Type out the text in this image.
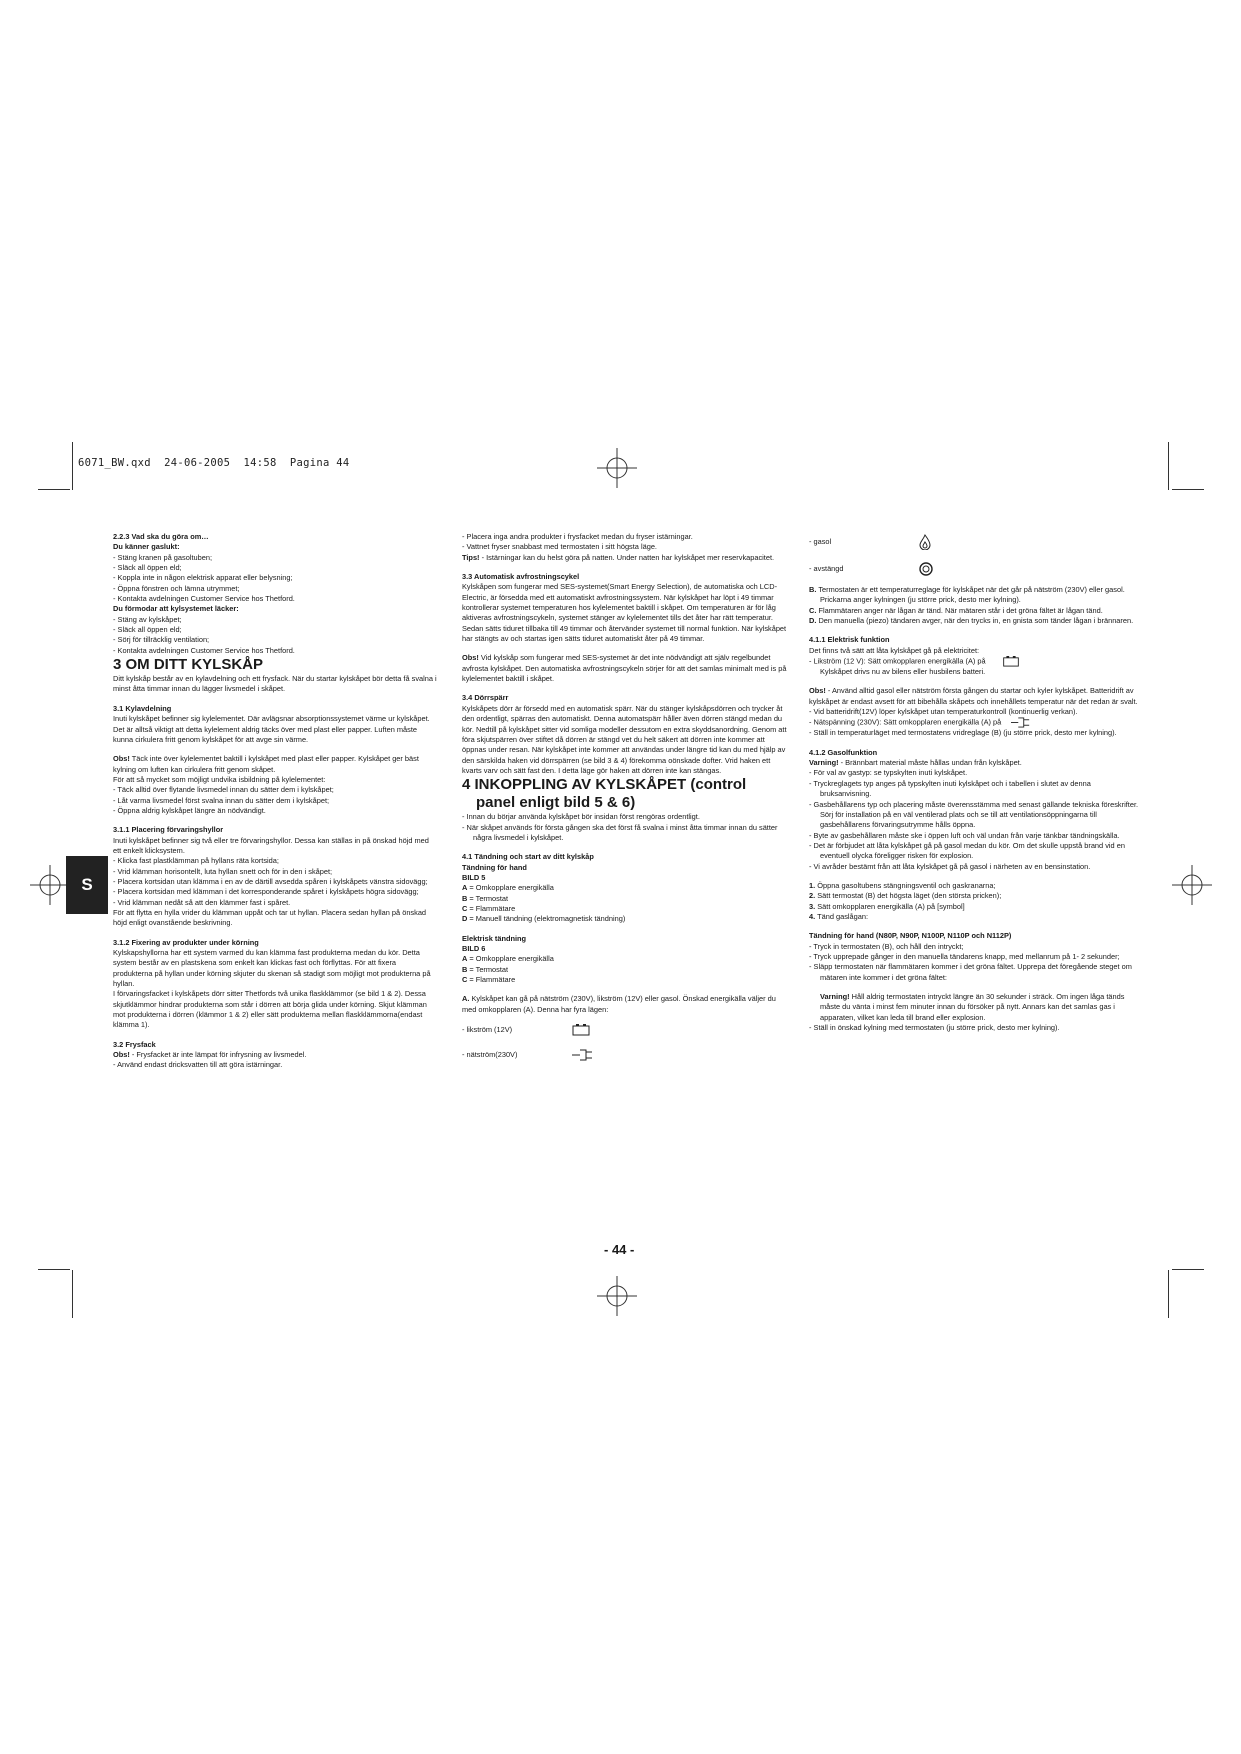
6071_BW.qxd  24-06-2005  14:58  Pagina 44
S

2.2.3 Vad ska du göra om…

Du känner gaslukt:

- Stäng kranen på gasoltuben;

- Släck all öppen eld;

- Koppla inte in någon elektrisk apparat eller belysning;

- Öppna fönstren och lämna utrymmet;

- Kontakta avdelningen Customer Service hos Thetford.

Du förmodar att kylsystemet läcker:

- Stäng av kylskåpet;

- Släck all öppen eld;

- Sörj för tillräcklig ventilation;

- Kontakta avdelningen Customer Service hos Thetford.

3 OM DITT KYLSKÅP

Ditt kylskåp består av en kylavdelning och ett frysfack. När du startar kylskåpet bör detta få svalna i minst åtta timmar innan du lägger livsmedel i skåpet.

3.1 Kylavdelning

Inuti kylskåpet befinner sig kylelementet. Där avlägsnar absorptionssystemet värme ur kylskåpet. Det är alltså viktigt att detta kylelement aldrig täcks över med plast eller papper. Luften måste kunna cirkulera fritt genom kylskåpet för att avge sin värme.

Obs! Täck inte över kylelementet baktill i kylskåpet med plast eller papper. Kylskåpet ger bäst kylning om luften kan cirkulera fritt genom skåpet.

För att så mycket som möjligt undvika isbildning på kylelementet:

- Täck alltid över flytande livsmedel innan du sätter dem i kylskåpet;

- Låt varma livsmedel först svalna innan du sätter dem i kylskåpet;

- Öppna aldrig kylskåpet längre än nödvändigt.

3.1.1 Placering förvaringshyllor

Inuti kylskåpet befinner sig två eller tre förvaringshyllor. Dessa kan ställas in på önskad höjd med ett enkelt klicksystem.

- Klicka fast plastklämman på hyllans räta kortsida;

- Vrid klämman horisontellt, luta hyllan snett och för in den i skåpet;

- Placera kortsidan utan klämma i en av de därtill avsedda spåren i kylskåpets vänstra sidovägg;

- Placera kortsidan med klämman i det korresponderande spåret i kylskåpets högra sidovägg;

- Vrid klämman nedåt så att den klämmer fast i spåret.

För att flytta en hylla vrider du klämman uppåt och tar ut hyllan. Placera sedan hyllan på önskad höjd enligt ovanstående beskrivning.

3.1.2 Fixering av produkter under körning

Kylskapshyllorna har ett system varmed du kan klämma fast produkterna medan du kör. Detta system består av en plastskena som enkelt kan klickas fast och förflyttas. För att fixera produkterna på hyllan under körning skjuter du skenan så stadigt som möjligt mot produkterna på hyllan.

I förvaringsfacket i kylskåpets dörr sitter Thetfords två unika flaskklämmor (se bild 1 & 2). Dessa skjutklämmor hindrar produkterna som står i dörren att börja glida under körning. Skjut klämman mot produkterna i dörren (klämmor 1 & 2) eller sätt produkterna mellan flaskklämmorna(endast klämma 1).

3.2 Frysfack

Obs! - Frysfacket är inte lämpat för infrysning av livsmedel.

- Använd endast dricksvatten till att göra istärningar.

- Placera inga andra produkter i frysfacket medan du fryser istärningar.

- Vattnet fryser snabbast med termostaten i sitt högsta läge.

Tips! - Istärningar kan du helst göra på natten. Under natten har kylskåpet mer reservkapacitet.

3.3 Automatisk avfrostningscykel

Kylskåpen som fungerar med SES-systemet(Smart Energy Selection), de automatiska och LCD-Electric, är försedda med ett automatiskt avfrostningssystem. När kylskåpet har löpt i 49 timmar kontrollerar systemet temperaturen hos kylelementet baktill i skåpet. Om temperaturen är för låg aktiveras avfrostningscykeln, systemet stänger av kylelementet tills det åter har rätt temperatur. Sedan sätts tiduret tillbaka till 49 timmar och återvänder systemet till normal funktion. När kylskåpet har stängts av och startas igen sätts tiduret automatiskt åter på 49 timmar.

Obs! Vid kylskåp som fungerar med SES-systemet är det inte nödvändigt att själv regelbundet avfrosta kylskåpet. Den automatiska avfrostningscykeln sörjer för att det samlas minimalt med is på kylelementet baktill i skåpet.

3.4 Dörrspärr

Kylskåpets dörr är försedd med en automatisk spärr. När du stänger kylskåpsdörren och trycker åt den ordentligt, spärras den automatiskt. Denna automatspärr håller även dörren stängd medan du kör. Nedtill på kylskåpet sitter vid somliga modeller dessutom en extra skyddsanordning. Genom att föra skjutspärren över stiftet då dörren är stängd vet du helt säkert att dörren inte kommer att öppnas under resan. När kylskåpet inte kommer att användas under längre tid kan du med hjälp av den särskilda haken vid dörrspärren (se bild 3 & 4) förekomma oönskade dofter. Vrid haken ett kvarts varv och sätt fast den. I detta läge gör haken att dörren inte kan stängas.

4 INKOPPLING AV KYLSKÅPET (control panel enligt bild 5 & 6)

- Innan du börjar använda kylskåpet bör insidan först rengöras ordentligt.

- När skåpet används för första gången ska det först få svalna i minst åtta timmar innan du sätter några livsmedel i kylskåpet.

4.1 Tändning och start av ditt kylskåp

Tändning för hand

BILD 5

A = Omkopplare energikälla

B = Termostat

C = Flammätare

D = Manuell tändning (elektromagnetisk tändning)

Elektrisk tändning

BILD 6

A = Omkopplare energikälla

B = Termostat

C = Flammätare

A. Kylskåpet kan gå på nätström (230V), likström (12V) eller gasol. Önskad energikälla väljer du med omkopplaren (A). Denna har fyra lägen:

- likström (12V)
- nätström(230V)
- gasol
- avstängd

B. Termostaten är ett temperaturreglage för kylskåpet när det går på nätström (230V) eller gasol. Prickarna anger kylningen (ju större prick, desto mer kylning).

C. Flammätaren anger när lågan är tänd. När mätaren står i det gröna fältet är lågan tänd.

D. Den manuella (piezo) tändaren avger, när den trycks in, en gnista som tänder lågan i brännaren.

4.1.1 Elektrisk funktion

Det finns två sätt att låta kylskåpet gå på elektricitet:

- Likström (12 V): Sätt omkopplaren energikälla (A) på

Kylskåpet drivs nu av bilens eller husbilens batteri.

Obs! - Använd alltid gasol eller nätström första gången du startar och kyler kylskåpet. Batteridrift av kylskåpet är endast avsett för att bibehålla skåpets och innehållets temperatur när det redan är svalt.

- Vid batteridrift(12V) löper kylskåpet utan temperaturkontroll (kontinuerlig verkan).

- Nätspänning (230V): Sätt omkopplaren energikälla (A) på

- Ställ in temperaturläget med termostatens vridreglage (B) (ju större prick, desto mer kylning).

4.1.2 Gasolfunktion

Varning! - Brännbart material måste hållas undan från kylskåpet.

- För val av gastyp: se typskylten inuti kylskåpet.

- Tryckreglagets typ anges på typskylten inuti kylskåpet och i tabellen i slutet av denna bruksanvisning.

- Gasbehållarens typ och placering måste överensstämma med senast gällande tekniska föreskrifter. Sörj för installation på en väl ventilerad plats och se till att ventilationsöppningarna till gasbehållarens förvaringsutrymme hålls öppna.

- Byte av gasbehållaren måste ske i öppen luft och väl undan från varje tänkbar tändningskälla.

- Det är förbjudet att låta kylskåpet gå på gasol medan du kör. Om det skulle uppstå brand vid en eventuell olycka föreligger risken för explosion.

- Vi avråder bestämt från att låta kylskåpet gå på gasol i närheten av en bensinstation.

1. Öppna gasoltubens stängningsventil och gaskranarna;

2. Sätt termostat (B) det högsta läget (den största pricken);

3. Sätt omkopplaren energikälla (A) på [symbol]

4. Tänd gaslågan:

Tändning för hand (N80P, N90P, N100P, N110P och N112P)

- Tryck in termostaten (B), och håll den intryckt;

- Tryck upprepade gånger in den manuella tändarens knapp, med mellanrum på 1- 2 sekunder;

- Släpp termostaten när flammätaren kommer i det gröna fältet. Upprepa det föregående steget om mätaren inte kommer i det gröna fältet:

Varning! Håll aldrig termostaten intryckt längre än 30 sekunder i sträck. Om ingen låga tänds måste du vänta i minst fem minuter innan du försöker på nytt. Annars kan det samlas gas i apparaten, vilket kan leda till brand eller explosion.

- Ställ in önskad kylning med termostaten (ju större prick, desto mer kylning).

- 44 -
